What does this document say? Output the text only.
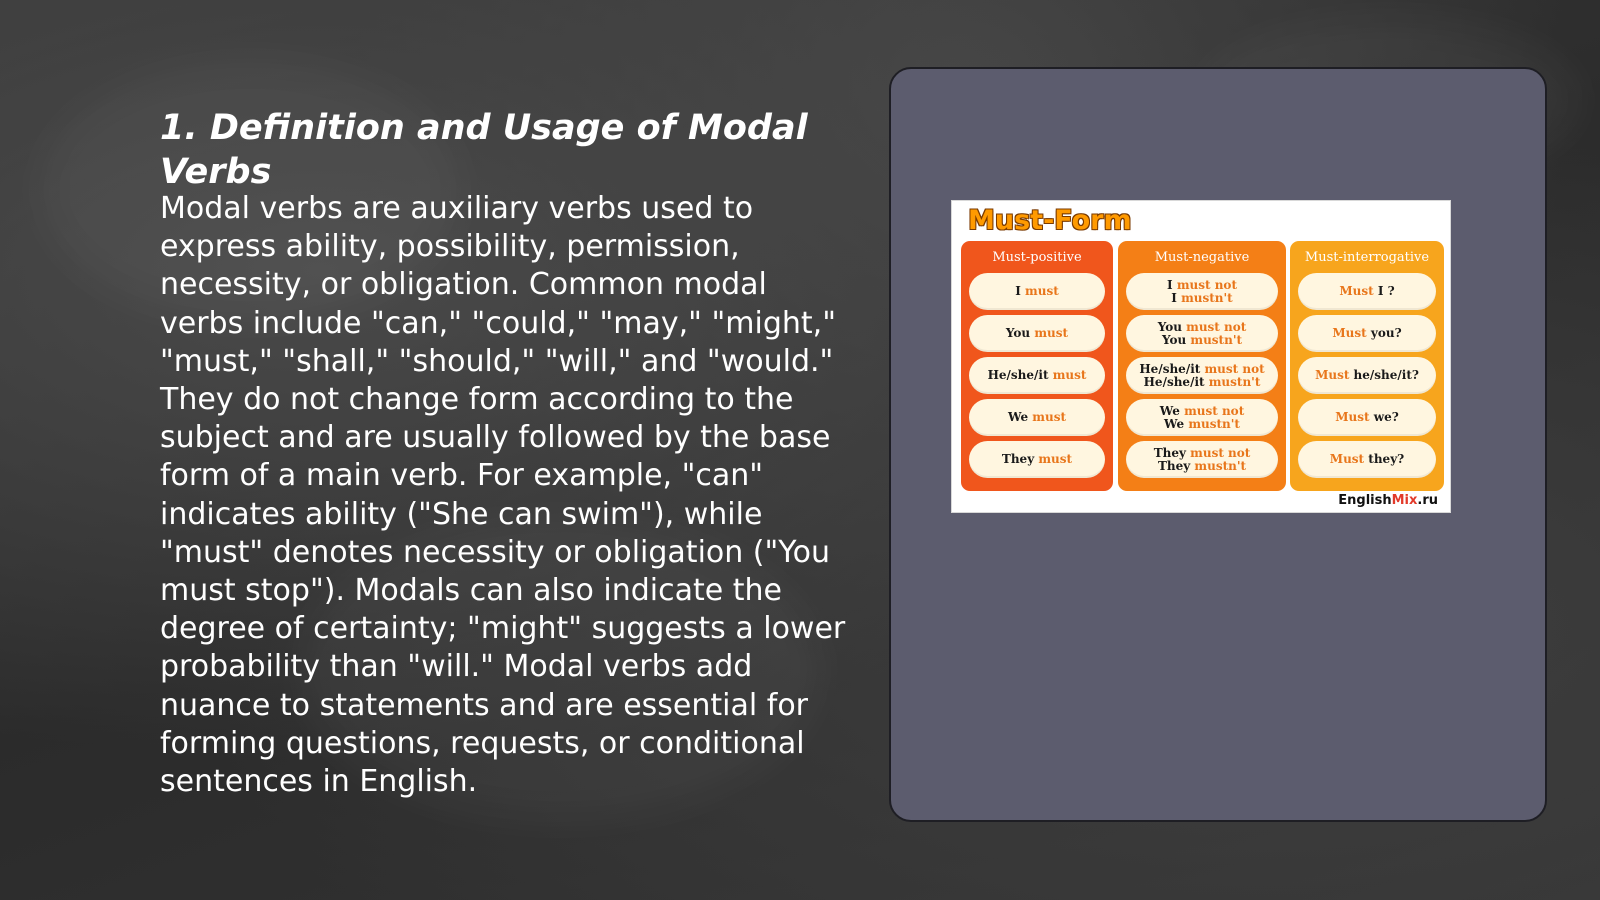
1. Definition and Usage of Modal Verbs

Modal verbs are auxiliary verbs used to express ability, possibility, permission, necessity, or obligation. Common modal verbs include "can," "could," "may," "might," "must," "shall," "should," "will," and "would." They do not change form according to the subject and are usually followed by the base form of a main verb. For example, "can" indicates ability ("She can swim"), while "must" denotes necessity or obligation ("You must stop"). Modals can also indicate the degree of certainty; "might" suggests a lower probability than "will." Modal verbs add nuance to statements and are essential for forming questions, requests, or conditional sentences in English.

Must-Form
Must-positive
I must
You must
He/she/it must
We must
They must
Must-negative
I must not
I mustn't
You must not
You mustn't
He/she/it must not
He/she/it mustn't
We must not
We mustn't
They must not
They mustn't
Must-interrogative
Must I ?
Must you?
Must he/she/it?
Must we?
Must they?
EnglishMix.ru
